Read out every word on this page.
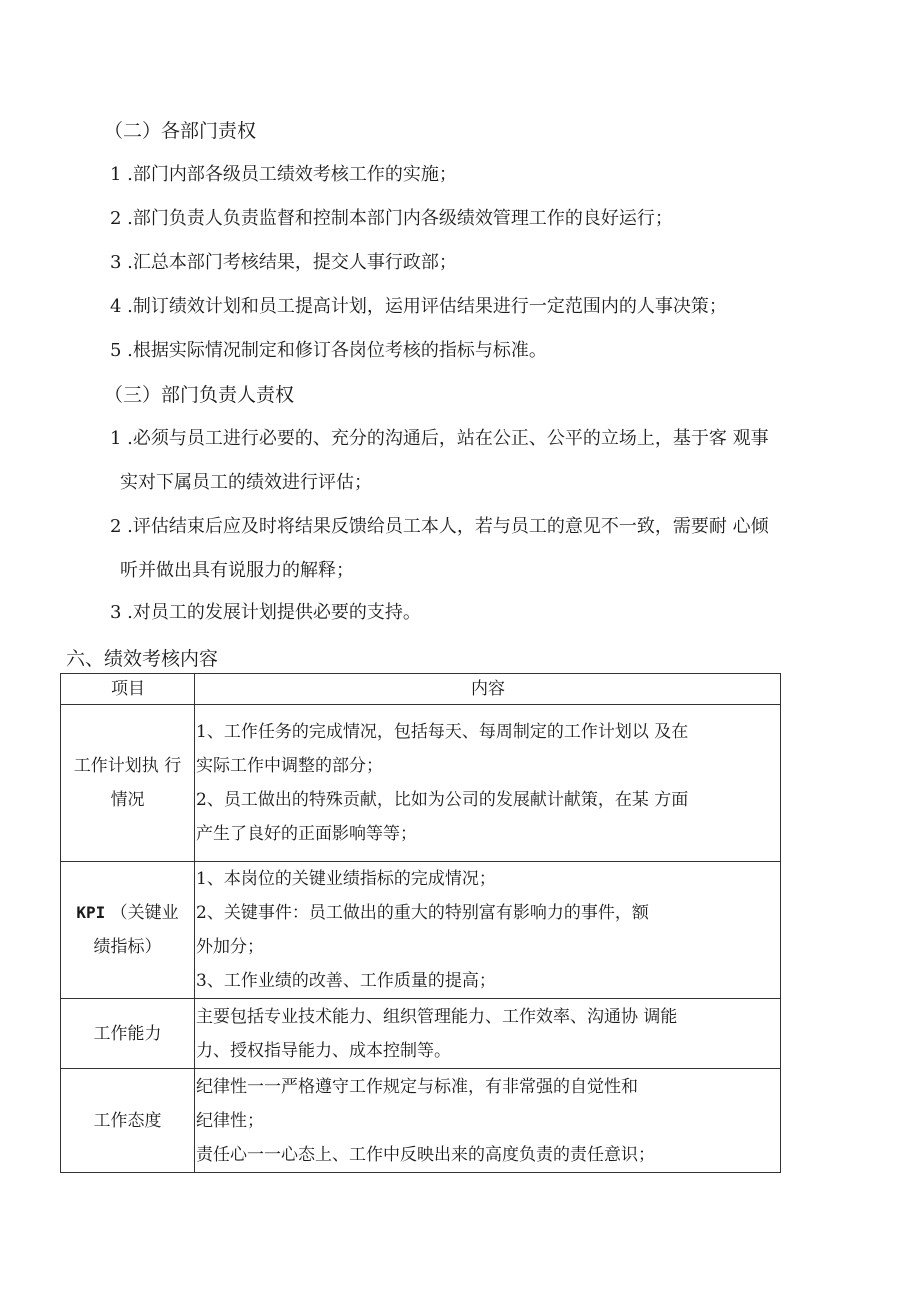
（二）各部门责权
1 .部门内部各级员工绩效考核工作的实施；
2 .部门负责人负责监督和控制本部门内各级绩效管理工作的良好运行；
3 .汇总本部门考核结果，提交人事行政部；
4 .制订绩效计划和员工提高计划，运用评估结果进行一定范围内的人事决策；
5 .根据实际情况制定和修订各岗位考核的指标与标准。
（三）部门负责人责权
1 .必须与员工进行必要的、充分的沟通后，站在公正、公平的立场上，基于客 观事
实对下属员工的绩效进行评估；
2 .评估结束后应及时将结果反馈给员工本人，若与员工的意见不一致，需要耐 心倾
听并做出具有说服力的解释；
3 .对员工的发展计划提供必要的支持。
六、绩效考核内容
项目	内容

工作计划执 行
情况	1、工作任务的完成情况，包括每天、每周制定的工作计划以 及在
实际工作中调整的部分；
2、员工做出的特殊贡献，比如为公司的发展献计献策，在某 方面
产生了良好的正面影响等等；

KPI （关键业
绩指标）	1、本岗位的关键业绩指标的完成情况；
2、关键事件：员工做出的重大的特别富有影响力的事件，额
外加分；
3、工作业绩的改善、工作质量的提高；

工作能力	主要包括专业技术能力、组织管理能力、工作效率、沟通协 调能
力、授权指导能力、成本控制等。

工作态度	纪律性一一严格遵守工作规定与标准，有非常强的自觉性和
纪律性；
责任心一一心态上、工作中反映出来的高度负责的责任意识；
